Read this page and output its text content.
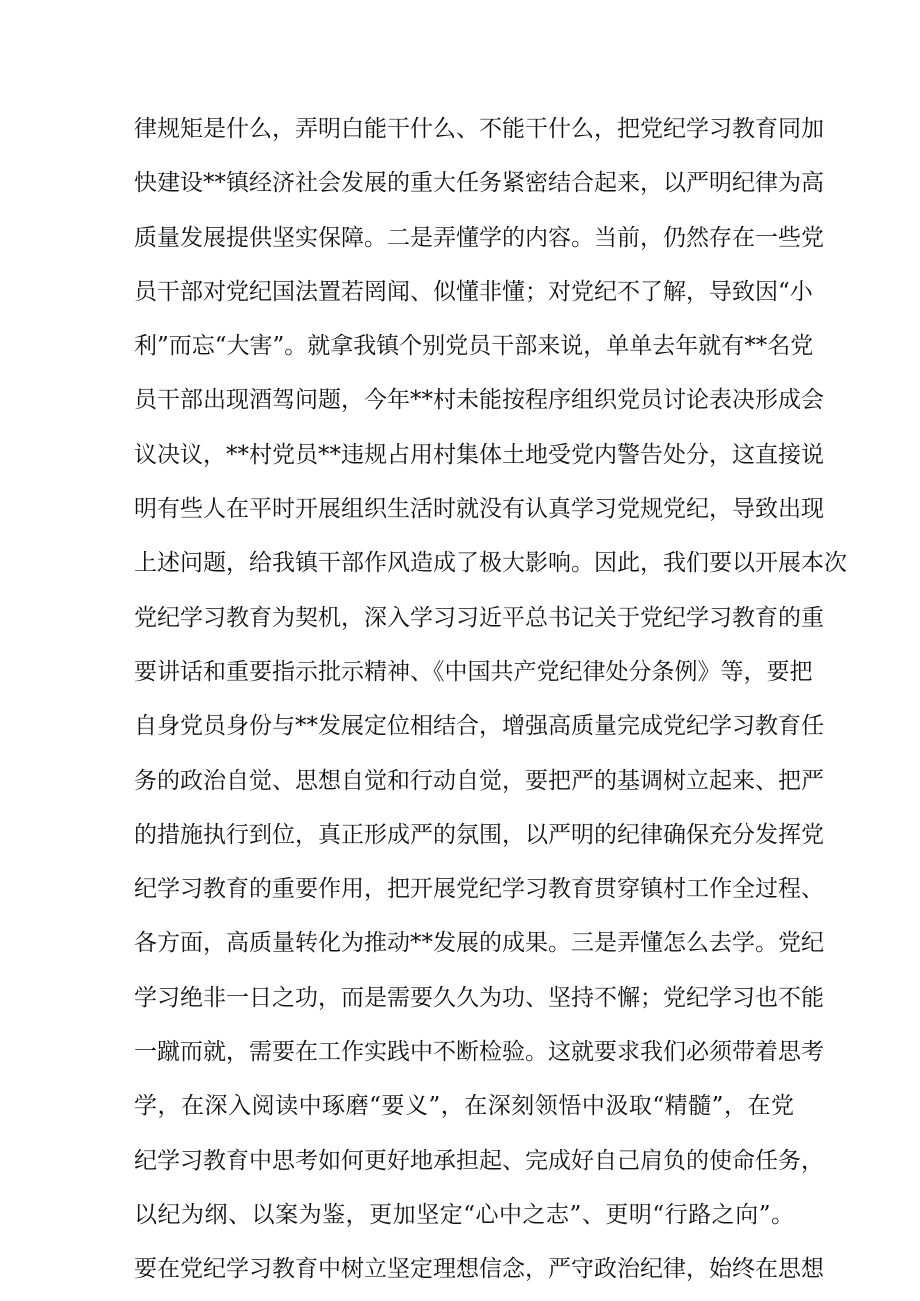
律规矩是什么，弄明白能干什么、不能干什么，把党纪学习教育同加
快建设**镇经济社会发展的重大任务紧密结合起来，以严明纪律为高
质量发展提供坚实保障。二是弄懂学的内容。当前，仍然存在一些党
员干部对党纪国法置若罔闻、似懂非懂；对党纪不了解，导致因“小
利”而忘“大害”。就拿我镇个别党员干部来说，单单去年就有**名党
员干部出现酒驾问题，今年**村未能按程序组织党员讨论表决形成会
议决议，**村党员**违规占用村集体土地受党内警告处分，这直接说
明有些人在平时开展组织生活时就没有认真学习党规党纪，导致出现
上述问题，给我镇干部作风造成了极大影响。因此，我们要以开展本次
党纪学习教育为契机，深入学习习近平总书记关于党纪学习教育的重
要讲话和重要指示批示精神、《中国共产党纪律处分条例》等，要把
自身党员身份与**发展定位相结合，增强高质量完成党纪学习教育任
务的政治自觉、思想自觉和行动自觉，要把严的基调树立起来、把严
的措施执行到位，真正形成严的氛围，以严明的纪律确保充分发挥党
纪学习教育的重要作用，把开展党纪学习教育贯穿镇村工作全过程、
各方面，高质量转化为推动**发展的成果。三是弄懂怎么去学。党纪
学习绝非一日之功，而是需要久久为功、坚持不懈；党纪学习也不能
一蹴而就，需要在工作实践中不断检验。这就要求我们必须带着思考
学，在深入阅读中琢磨“要义”，在深刻领悟中汲取“精髓”，在党
纪学习教育中思考如何更好地承担起、完成好自己肩负的使命任务，
以纪为纲、以案为鉴，更加坚定“心中之志”、更明“行路之向”。
要在党纪学习教育中树立坚定理想信念，严守政治纪律，始终在思想
